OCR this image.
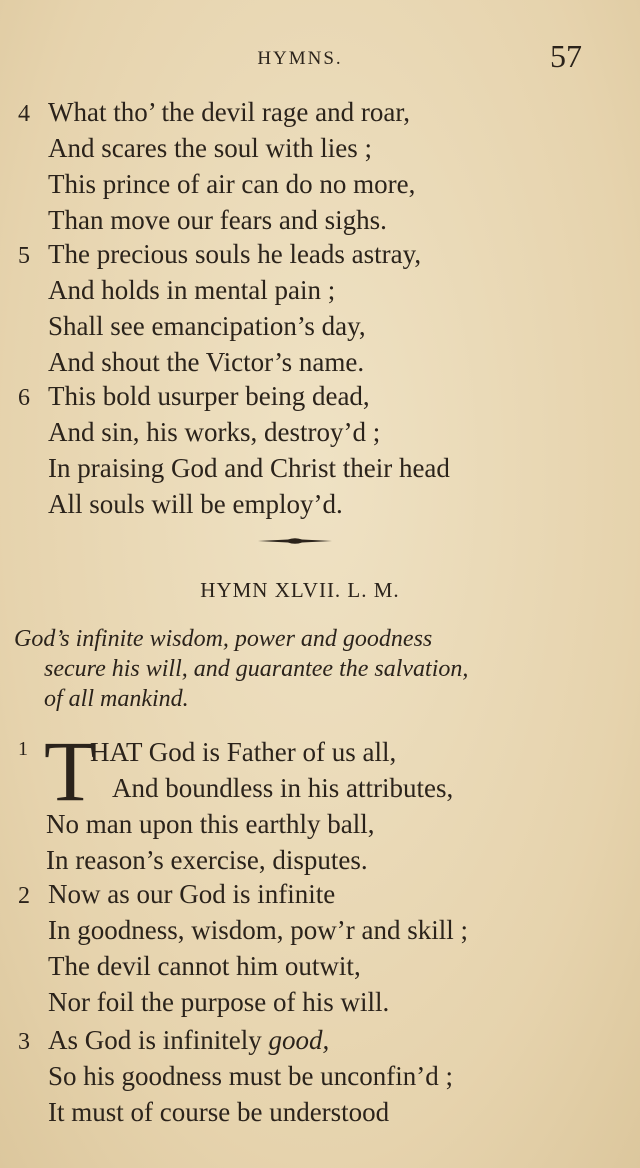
HYMNS.	57
4 What tho’ the devil rage and roar,
And scares the soul with lies ;
This prince of air can do no more,
Than move our fears and sighs.
5 The precious souls he leads astray,
And holds in mental pain ;
Shall see emancipation’s day,
And shout the Victor’s name.
6 This bold usurper being dead,
And sin, his works, destroy’d ;
In praising God and Christ their head
All souls will be employ’d.
HYMN XLVII. L. M.
God’s infinite wisdom, power and goodness
secure his will, and guarantee the salvation,
of all mankind.
1 T
HAT God is Father of us all,
And boundless in his attributes,
No man upon this earthly ball,
In reason’s exercise, disputes.
2 Now as our God is infinite
In goodness, wisdom, pow’r and skill ;
The devil cannot him outwit,
Nor foil the purpose of his will.
3 As God is infinitely good,
So his goodness must be unconfin’d ;
It must of course be understood
